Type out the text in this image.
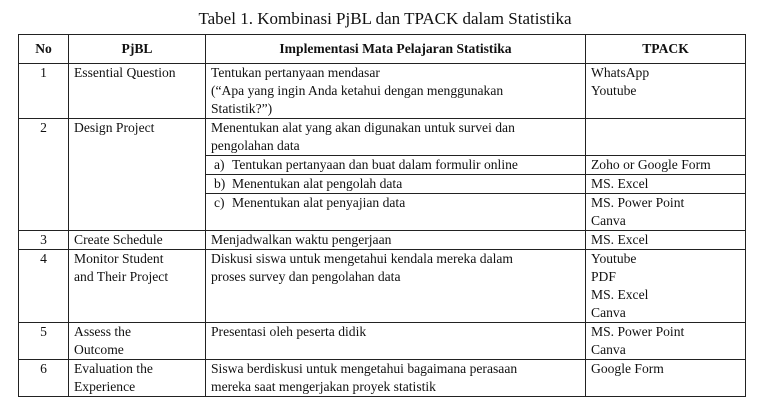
Tabel 1. Kombinasi PjBL dan TPACK dalam Statistika
No	PjBL	Implementasi Mata Pelajaran Statistika	TPACK
1	Essential Question	Tentukan pertanyaan mendasar
(“Apa yang ingin Anda ketahui dengan menggunakan
Statistik?”)	WhatsApp
Youtube

2	Design Project	Menentukan alat yang akan digunakan untuk survei dan
pengolahan data	

		a) Tentukan pertanyaan dan buat dalam formulir online	Zoho or Google Form
		b) Menentukan alat pengolah data	MS. Excel
		c) Menentukan alat penyajian data	MS. Power Point
Canva

3	Create Schedule	Menjadwalkan waktu pengerjaan	MS. Excel

4	Monitor Student
and Their Project	Diskusi siswa untuk mengetahui kendala mereka dalam
proses survey dan pengolahan data	Youtube
PDF
MS. Excel
Canva

5	Assess the
Outcome	Presentasi oleh peserta didik	MS. Power Point
Canva

6	Evaluation the
Experience	Siswa berdiskusi untuk mengetahui bagaimana perasaan
mereka saat mengerjakan proyek statistik	Google Form
